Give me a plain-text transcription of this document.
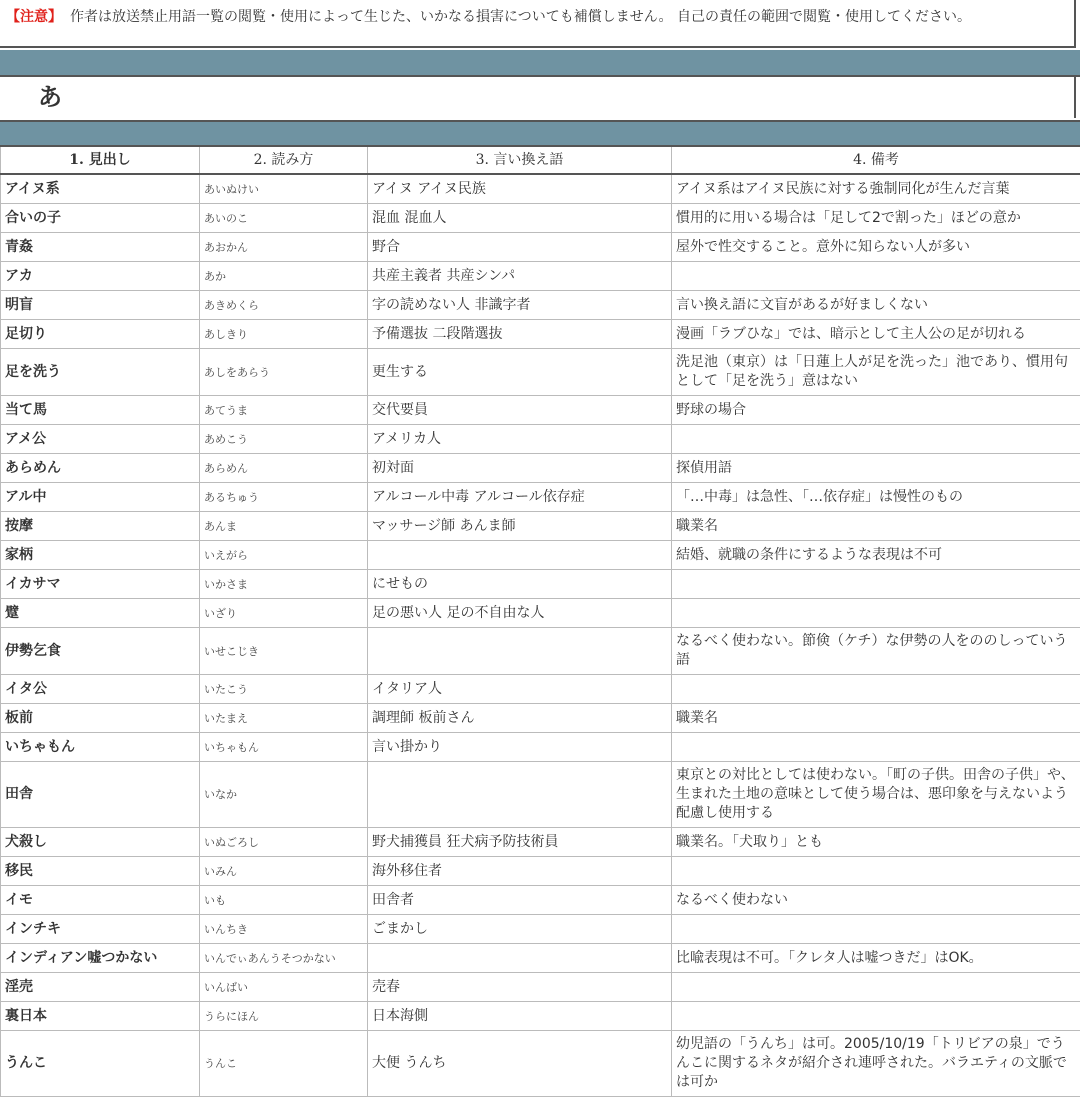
【注意】 作者は放送禁止用語一覧の閲覧・使用によって生じた、いかなる損害についても補償しません。 自己の責任の範囲で閲覧・使用してください。
あ
1. 見出し	2. 読み方	3. 言い換え語	4. 備考
アイヌ系	あいぬけい	アイヌ アイヌ民族	アイヌ系はアイヌ民族に対する強制同化が生んだ言葉
合いの子	あいのこ	混血 混血人	慣用的に用いる場合は「足して2で割った」ほどの意か
青姦	あおかん	野合	屋外で性交すること。意外に知らない人が多い
アカ	あか	共産主義者 共産シンパ	
明盲	あきめくら	字の読めない人 非識字者	言い換え語に文盲があるが好ましくない
足切り	あしきり	予備選抜 二段階選抜	漫画「ラブひな」では、暗示として主人公の足が切れる
足を洗う	あしをあらう	更生する	洗足池（東京）は「日蓮上人が足を洗った」池であり、慣用句として「足を洗う」意はない
当て馬	あてうま	交代要員	野球の場合
アメ公	あめこう	アメリカ人	
あらめん	あらめん	初対面	探偵用語
アル中	あるちゅう	アルコール中毒 アルコール依存症	「…中毒」は急性、「…依存症」は慢性のもの
按摩	あんま	マッサージ師 あんま師	職業名
家柄	いえがら		結婚、就職の条件にするような表現は不可
イカサマ	いかさま	にせもの	
躄	いざり	足の悪い人 足の不自由な人	
伊勢乞食	いせこじき		なるべく使わない。節倹（ケチ）な伊勢の人をののしっていう語
イタ公	いたこう	イタリア人	
板前	いたまえ	調理師 板前さん	職業名
いちゃもん	いちゃもん	言い掛かり	
田舎	いなか		東京との対比としては使わない。「町の子供。田舎の子供」や、生まれた土地の意味として使う場合は、悪印象を与えないよう配慮し使用する
犬殺し	いぬごろし	野犬捕獲員 狂犬病予防技術員	職業名。「犬取り」とも
移民	いみん	海外移住者	
イモ	いも	田舎者	なるべく使わない
インチキ	いんちき	ごまかし	
インディアン嘘つかない	いんでぃあんうそつかない		比喩表現は不可。「クレタ人は嘘つきだ」はOK。
淫売	いんばい	売春	
裏日本	うらにほん	日本海側	
うんこ	うんこ	大便 うんち	幼児語の「うんち」は可。2005/10/19「トリビアの泉」でうんこに関するネタが紹介され連呼された。バラエティの文脈では可か
